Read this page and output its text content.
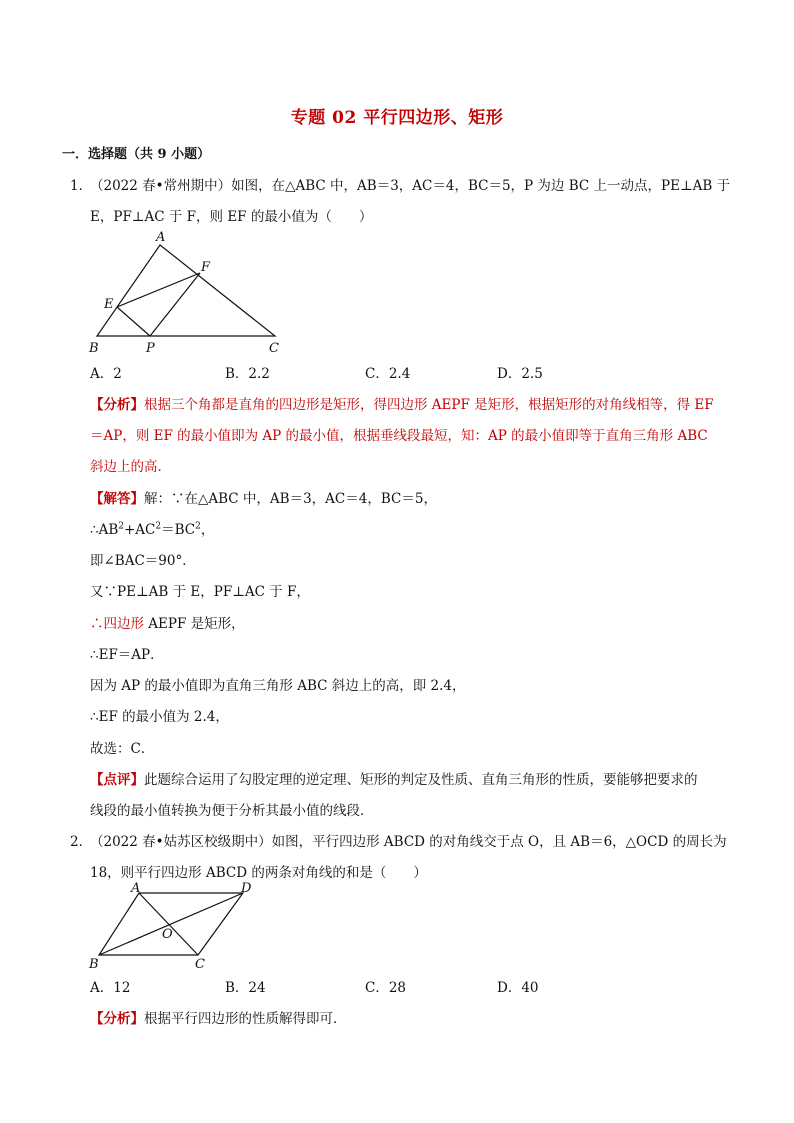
专题 02 平行四边形、矩形
一．选择题（共 9 小题）
1．
（2022 春•常州期中）如图，在△ABC 中，AB＝3，AC＝4，BC＝5，P 为边 BC 上一动点，PE⊥AB 于
E，PF⊥AC 于 F，则 EF 的最小值为（　　）
A
B	C
E
F
P
A．2	B．2.2	C．2.4	D．2.5
【分析】根据三个角都是直角的四边形是矩形，得四边形 AEPF 是矩形，根据矩形的对角线相等，得 EF
＝AP，则 EF 的最小值即为 AP 的最小值，根据垂线段最短，知：AP 的最小值即等于直角三角形 ABC
斜边上的高．
【解答】解：∵在△ABC 中，AB＝3，AC＝4，BC＝5，
$\therefore AB^2+AC^2=BC^2$，
即∠BAC＝90°．
又∵PE⊥AB 于 E，PF⊥AC 于 F，
∴四边形 AEPF 是矩形，
∴EF＝AP．
因为 AP 的最小值即为直角三角形 ABC 斜边上的高，即 2.4，
∴EF 的最小值为 2.4，
故选：C．
【点评】此题综合运用了勾股定理的逆定理、矩形的判定及性质、直角三角形的性质，要能够把要求的
线段的最小值转换为便于分析其最小值的线段．
2．
（2022 春•姑苏区校级期中）如图，平行四边形 ABCD 的对角线交于点 O，且 AB＝6，△OCD 的周长为
18，则平行四边形 ABCD 的两条对角线的和是（　　）
A	D
B	C
O
A．12	B．24	C．28	D．40
【分析】根据平行四边形的性质解得即可．
